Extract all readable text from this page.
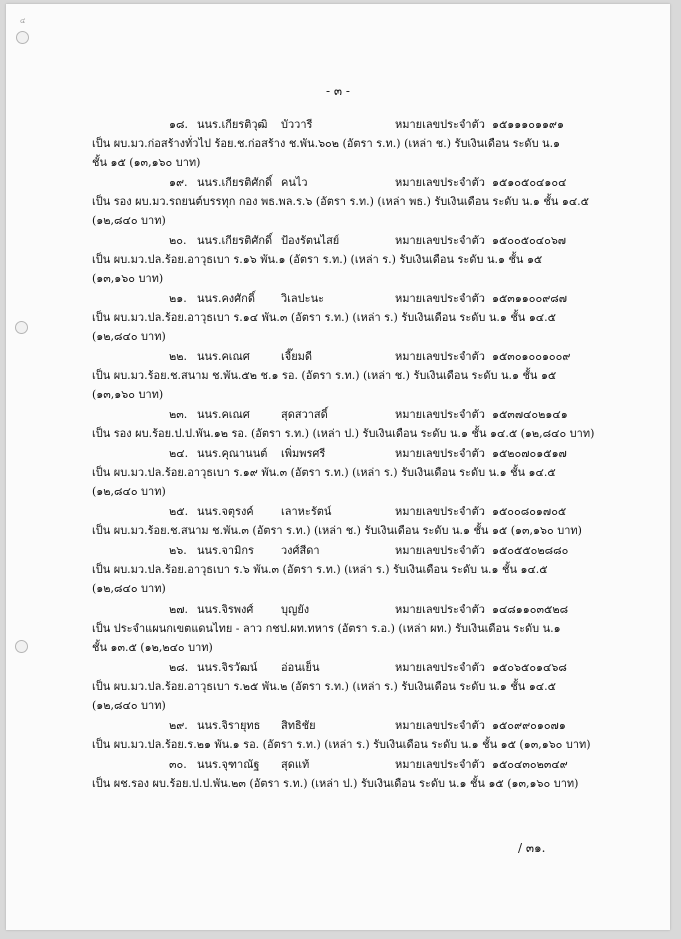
๔
- ๓ -
๑๘. นนร.เกียรติวุฒิ บัววารี	หมายเลขประจำตัว ๑๕๑๑๑๐๑๑๙๑
เป็น ผบ.มว.ก่อสร้างทั่วไป ร้อย.ช.ก่อสร้าง ช.พัน.๖๐๒ (อัตรา ร.ท.) (เหล่า ช.) รับเงินเดือน ระดับ น.๑
ชั้น ๑๕ (๑๓,๑๖๐ บาท)
๑๙. นนร.เกียรติศักดิ์ คนไว	หมายเลขประจำตัว ๑๕๑๐๕๐๔๑๐๔
เป็น รอง ผบ.มว.รถยนต์บรรทุก กอง พธ.พล.ร.๖ (อัตรา ร.ท.) (เหล่า พธ.) รับเงินเดือน ระดับ น.๑ ชั้น ๑๔.๕
(๑๒,๘๔๐ บาท)
๒๐. นนร.เกียรติศักดิ์ ป้องรัตนไสย์	หมายเลขประจำตัว ๑๕๐๐๕๐๔๐๖๗
เป็น ผบ.มว.ปล.ร้อย.อาวุธเบา ร.๑๖ พัน.๑ (อัตรา ร.ท.) (เหล่า ร.) รับเงินเดือน ระดับ น.๑ ชั้น ๑๕
(๑๓,๑๖๐ บาท)
๒๑. นนร.คงศักดิ์ วิเลปะนะ	หมายเลขประจำตัว ๑๕๓๑๑๐๐๙๘๗
เป็น ผบ.มว.ปล.ร้อย.อาวุธเบา ร.๑๔ พัน.๓ (อัตรา ร.ท.) (เหล่า ร.) รับเงินเดือน ระดับ น.๑ ชั้น ๑๔.๕
(๑๒,๘๔๐ บาท)
๒๒. นนร.คเณศ	เจี๊ยมดี	หมายเลขประจำตัว ๑๕๓๐๑๐๐๑๐๐๙
เป็น ผบ.มว.ร้อย.ช.สนาม ช.พัน.๕๒ ช.๑ รอ. (อัตรา ร.ท.) (เหล่า ช.) รับเงินเดือน ระดับ น.๑ ชั้น ๑๕
(๑๓,๑๖๐ บาท)
๒๓. นนร.คเณศ	สุดสวาสดิ์	หมายเลขประจำตัว ๑๕๓๗๔๐๒๑๔๑
เป็น รอง ผบ.ร้อย.ป.ป.พัน.๑๒ รอ. (อัตรา ร.ท.) (เหล่า ป.) รับเงินเดือน ระดับ น.๑ ชั้น ๑๔.๕ (๑๒,๘๔๐ บาท)
๒๔. นนร.คุณานนต์ เพิ่มพรศรี	หมายเลขประจำตัว ๑๕๒๐๗๐๑๕๑๗
เป็น ผบ.มว.ปล.ร้อย.อาวุธเบา ร.๑๙ พัน.๓ (อัตรา ร.ท.) (เหล่า ร.) รับเงินเดือน ระดับ น.๑ ชั้น ๑๔.๕
(๑๒,๘๔๐ บาท)
๒๕. นนร.จตุรงค์ เลาหะรัตน์	หมายเลขประจำตัว ๑๕๐๐๘๐๑๗๐๕
เป็น ผบ.มว.ร้อย.ช.สนาม ช.พัน.๓ (อัตรา ร.ท.) (เหล่า ช.) รับเงินเดือน ระดับ น.๑ ชั้น ๑๕ (๑๓,๑๖๐ บาท)
๒๖. นนร.จามิกร วงศ์สีดา	หมายเลขประจำตัว ๑๕๐๕๕๐๒๘๘๐
เป็น ผบ.มว.ปล.ร้อย.อาวุธเบา ร.๖ พัน.๓ (อัตรา ร.ท.) (เหล่า ร.) รับเงินเดือน ระดับ น.๑ ชั้น ๑๔.๕
(๑๒,๘๔๐ บาท)
๒๗. นนร.จิรพงศ์	บุญยัง	หมายเลขประจำตัว ๑๔๘๑๑๐๓๕๒๘
เป็น ประจำแผนกเขตแดนไทย - ลาว กชป.ผท.ทหาร (อัตรา ร.อ.) (เหล่า ผท.) รับเงินเดือน ระดับ น.๑
ชั้น ๑๓.๕ (๑๒,๒๔๐ บาท)
๒๘. นนร.จิรวัฒน์ อ่อนเย็น	หมายเลขประจำตัว ๑๕๐๖๕๐๑๔๖๘
เป็น ผบ.มว.ปล.ร้อย.อาวุธเบา ร.๒๕ พัน.๒ (อัตรา ร.ท.) (เหล่า ร.) รับเงินเดือน ระดับ น.๑ ชั้น ๑๔.๕
(๑๒,๘๔๐ บาท)
๒๙. นนร.จิรายุทธ สิทธิชัย	หมายเลขประจำตัว ๑๕๐๙๙๐๑๐๗๑
เป็น ผบ.มว.ปล.ร้อย.ร.๒๑ พัน.๑ รอ. (อัตรา ร.ท.) (เหล่า ร.) รับเงินเดือน ระดับ น.๑ ชั้น ๑๕ (๑๓,๑๖๐ บาท)
๓๐. นนร.จุฑาณัฐ สุดแท้	หมายเลขประจำตัว ๑๕๐๔๓๐๒๓๔๙
เป็น ผช.รอง ผบ.ร้อย.ป.ป.พัน.๒๓ (อัตรา ร.ท.) (เหล่า ป.) รับเงินเดือน ระดับ น.๑ ชั้น ๑๕ (๑๓,๑๖๐ บาท)
/ ๓๑.
